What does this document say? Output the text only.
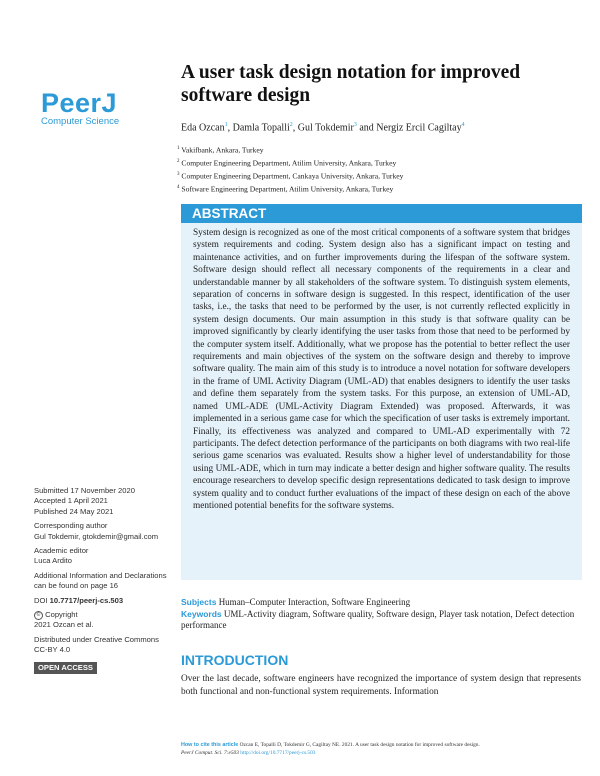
PeerJ
Computer Science
A user task design notation for improved software design
Eda Ozcan$^1$, Damla Topalli$^2$, Gul Tokdemir$^3$ and Nergiz Ercil Cagiltay$^4$
$^1$ Vakifbank, Ankara, Turkey
$^2$ Computer Engineering Department, Atilim University, Ankara, Turkey
$^3$ Computer Engineering Department, Cankaya University, Ankara, Turkey
$^4$ Software Engineering Department, Atilim University, Ankara, Turkey
ABSTRACT
System design is recognized as one of the most critical components of a software system that bridges system requirements and coding. System design also has a significant impact on testing and maintenance activities, and on further improvements during the lifespan of the software system. Software design should reflect all necessary components of the requirements in a clear and understandable manner by all stakeholders of the software system. To distinguish system elements, separation of concerns in software design is suggested. In this respect, identification of the user tasks, i.e., the tasks that need to be performed by the user, is not currently reflected explicitly in system design documents. Our main assumption in this study is that software quality can be improved significantly by clearly identifying the user tasks from those that need to be performed by the computer system itself. Additionally, what we propose has the potential to better reflect the user requirements and main objectives of the system on the software design and thereby to improve software quality. The main aim of this study is to introduce a novel notation for software developers in the frame of UML Activity Diagram (UML-AD) that enables designers to identify the user tasks and define them separately from the system tasks. For this purpose, an extension of UML-AD, named UML-ADE (UML-Activity Diagram Extended) was proposed. Afterwards, it was implemented in a serious game case for which the specification of user tasks is extremely important. Finally, its effectiveness was analyzed and compared to UML-AD experimentally with 72 participants. The defect detection performance of the participants on both diagrams with two real-life serious game scenarios was evaluated. Results show a higher level of understandability for those using UML-ADE, which in turn may indicate a better design and higher software quality. The results encourage researchers to develop specific design representations dedicated to task design to improve system quality and to conduct further evaluations of the impact of these design on each of the above mentioned potential benefits for the software systems.
Submitted 17 November 2020
Accepted 1 April 2021
Published 24 May 2021
Corresponding author
Gul Tokdemir, gtokdemir@gmail.com
Academic editor
Luca Ardito
Additional Information and Declarations can be found on page 16
DOI 10.7717/peerj-cs.503
© Copyright
2021 Ozcan et al.
Distributed under Creative Commons CC-BY 4.0
OPEN ACCESS
Subjects Human–Computer Interaction, Software Engineering
Keywords UML-Activity diagram, Software quality, Software design, Player task notation, Defect detection performance
INTRODUCTION
Over the last decade, software engineers have recognized the importance of system design that represents both functional and non-functional system requirements. Information
How to cite this article Ozcan E, Topalli D, Tokdemir G, Cagiltay NE. 2021. A user task design notation for improved software design.
PeerJ Comput. Sci. 7:e503 http://doi.org/10.7717/peerj-cs.503
